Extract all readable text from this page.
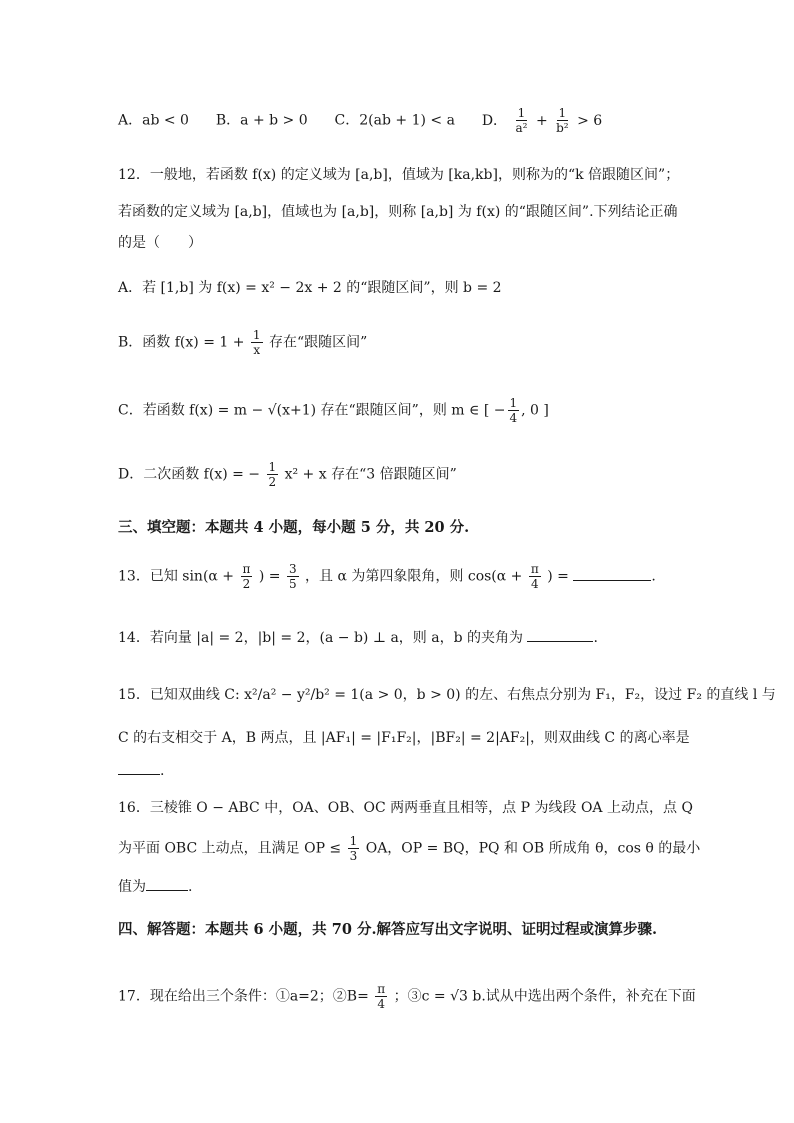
A．ab < 0 B．a + b > 0 C．2(ab + 1) < a D． $\frac{1}{\text{a²}} + \frac{1}{\text{b²}} > 6$
12．一般地，若函数 f(x) 的定义域为 [a,b]，值域为 [ka,kb]，则称为的“k 倍跟随区间”；
若函数的定义域为 [a,b]，值域也为 [a,b]，则称 [a,b] 为 f(x) 的“跟随区间”.下列结论正确
的是（　　）
A．若 [1,b] 为 f(x) = x² − 2x + 2 的“跟随区间”，则 b = 2
B．函数 $f(x) = 1 + \frac{1}{x}$ 存在“跟随区间”
C．若函数 f(x) = m − √(x+1) 存在“跟随区间”，则 m ∈ [ − $\frac{1}{4}$ , 0 ]
D．二次函数 f(x) = − $\frac{1}{2} x^2 + x$ 存在“3 倍跟随区间”
三、填空题：本题共 4 小题，每小题 5 分，共 20 分.
13．已知 $\sin(\alpha + \frac{\pi}{2}$ ) = $\frac{3}{5}$ ，且 α 为第四象限角，则 $\cos(\alpha + \frac{\pi}{4}$ ) =	.
14．若向量 |a| = 2，|b| = 2，(a − b) ⊥ a，则 a，b 的夹角为	.
15．已知双曲线 C: x²/a² − y²/b² = 1(a > 0，b > 0) 的左、右焦点分别为 F₁，F₂，设过 F₂ 的直线 l 与
C 的右支相交于 A，B 两点，且 |AF₁| = |F₁F₂|，|BF₂| = 2|AF₂|，则双曲线 C 的离心率是
.
16．三棱锥 O − ABC 中，OA、OB、OC 两两垂直且相等，点 P 为线段 OA 上动点，点 Q
为平面 OBC 上动点，且满足 OP ≤ $\frac{1}{3}$ OA，OP = BQ，PQ 和 OB 所成角 θ，cos θ 的最小
值为	.
四、解答题：本题共 6 小题，共 70 分.解答应写出文字说明、证明过程或演算步骤.
17．现在给出三个条件：①a=2；②B= $\frac{\pi}{4}$ ；③c = √3 b.试从中选出两个条件，补充在下面
